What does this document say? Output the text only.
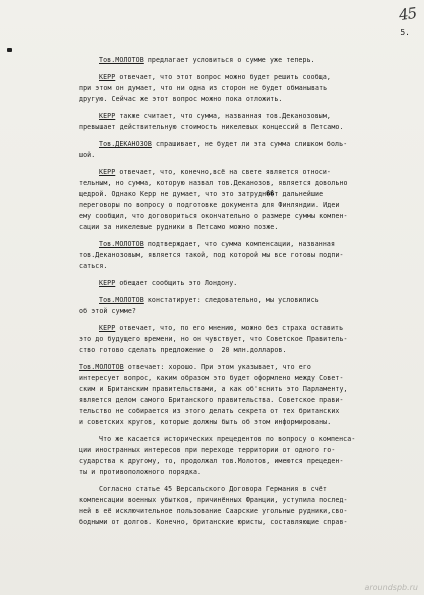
45
5.
Тов.МОЛОТОВ предлагает условиться о сумме уже теперь.
КЕРР отвечает, что этот вопрос можно будет решить сообща,
при этом он думает, что ни одна из сторон не будет обманывать
другую. Сейчас же этот вопрос можно пока отложить.
КЕРР также считает, что сумма, названная тов.Деканозовым,
превышает действительную стоимость никелевых концессий в Петсамо.
Тов.ДЕКАНОЗОВ спрашивает, не будет ли эта сумма слишком боль-
шой.
КЕРР отвечает, что, конечно,всё на свете является относи-
тельным, но сумма, которую назвал тов.Деканозов, является довольно
щедрой. Однако Керр не думает, что это затрудн��т дальнейшие
переговоры по вопросу о подготовке документа для Финляндии. Идеи
ему сообщил, что договориться окончательно о размере суммы компен-
сации за никелевые рудники в Петсамо можно позже.
Тов.МОЛОТОВ подтверждает, что сумма компенсации, названная
тов.Деканозовым, является такой, под которой мы все готовы подпи-
саться.
КЕРР обещает сообщить это Лондону.
Тов.МОЛОТОВ констатирует: следовательно, мы условились
об этой сумме?
КЕРР отвечает, что, по его мнению, можно без страха оставить
это до будущего времени, но он чувствует, что Советское Правитель-
ство готово сделать предложение о  20 млн.долларов.
Тов.МОЛОТОВ отвечает: хорошо. При этом указывает, что его
интересует вопрос, каким образом это будет оформлено между Совет-
ским и Британским правительствами, а как об'яснить это Парламенту,
является делом самого Британского правительства. Советское прави-
тельство не собирается из этого делать секрета от тех британских
и советских кругов, которые должны быть об этом информированы.
Что же касается исторических прецедентов по вопросу о компенса-
ции иностранных интересов при переходе территории от одного го-
сударства к другому, то, продолжал тов.Молотов, имеются прецеден-
ты и противоположного порядка.
Согласно статье 45 Версальского Договора Германия в счёт
компенсации военных убытков, причинённых Франции, уступила послед-
ней в её исключительное пользование Саарские угольные рудники,сво-
бодными от долгов. Конечно, британские юристы, составляющие справ-
aroundspb.ru
